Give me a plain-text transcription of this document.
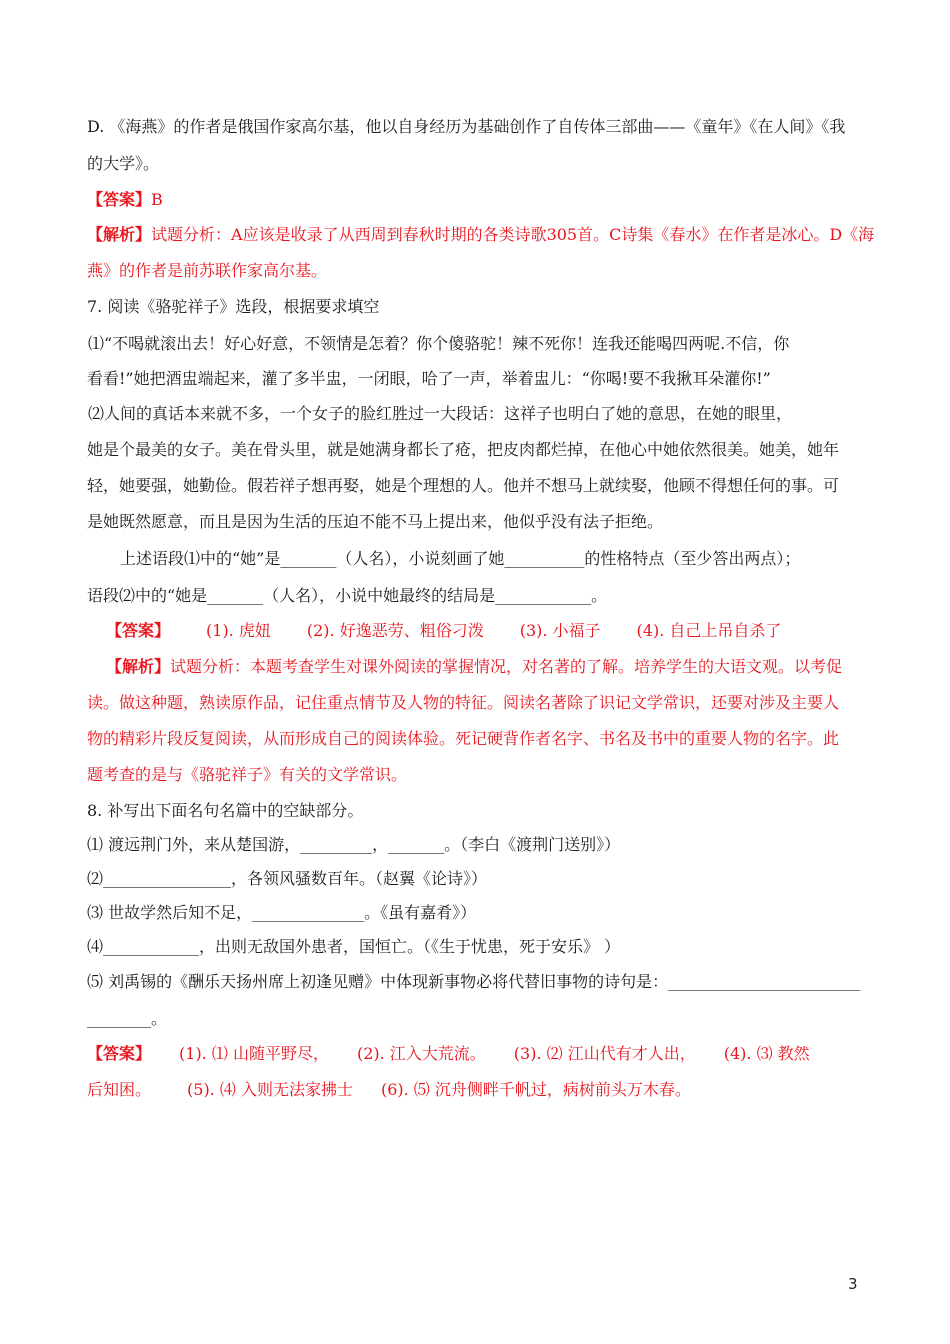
D. 《海燕》的作者是俄国作家高尔基，他以自身经历为基础创作了自传体三部曲——《童年》《在人间》《我
的大学》。
【答案】B
【解析】试题分析：A应该是收录了从西周到春秋时期的各类诗歌305首。C诗集《春水》在作者是冰心。D《海
燕》的作者是前苏联作家高尔基。
7. 阅读《骆驼祥子》选段，根据要求填空
⑴“不喝就滚出去！好心好意，不领情是怎着？你个傻骆驼！辣不死你！连我还能喝四两呢.不信，你
看看!”她把酒盅端起来，灌了多半盅，一闭眼，哈了一声，举着盅儿：“你喝!要不我揪耳朵灌你!”
⑵人间的真话本来就不多，一个女子的脸红胜过一大段话：这祥子也明白了她的意思，在她的眼里，
她是个最美的女子。美在骨头里，就是她满身都长了疮，把皮肉都烂掉，在他心中她依然很美。她美，她年
轻，她要强，她勤俭。假若祥子想再娶，她是个理想的人。他并不想马上就续娶，他顾不得想任何的事。可
是她既然愿意，而且是因为生活的压迫不能不马上提出来，他似乎没有法子拒绝。
上述语段⑴中的“她”是_______（人名），小说刻画了她__________的性格特点（至少答出两点）；
语段⑵中的“她是_______（人名），小说中她最终的结局是____________。
【答案】 (1). 虎妞 (2). 好逸恶劳、粗俗刁泼 (3). 小福子 (4). 自己上吊自杀了
【解析】试题分析：本题考查学生对课外阅读的掌握情况，对名著的了解。培养学生的大语文观。以考促
读。做这种题，熟读原作品，记住重点情节及人物的特征。阅读名著除了识记文学常识，还要对涉及主要人
物的精彩片段反复阅读，从而形成自己的阅读体验。死记硬背作者名字、书名及书中的重要人物的名字。此
题考查的是与《骆驼祥子》有关的文学常识。
8. 补写出下面名句名篇中的空缺部分。
⑴ 渡远荆门外，来从楚国游，_________，_______。（李白《渡荆门送别》）
⑵________________，各领风骚数百年。（赵翼《论诗》）
⑶ 世故学然后知不足，______________。《虽有嘉肴》）
⑷____________，出则无敌国外患者，国恒亡。（《生于忧患，死于安乐》 ）
⑸ 刘禹锡的《酬乐天扬州席上初逢见赠》中体现新事物必将代替旧事物的诗句是：________________________
________。
【答案】 (1). ⑴ 山随平野尽， (2). 江入大荒流。 (3). ⑵ 江山代有才人出， (4). ⑶ 教然
后知困。 (5). ⑷ 入则无法家拂士 (6). ⑸ 沉舟侧畔千帆过，病树前头万木春。
3
